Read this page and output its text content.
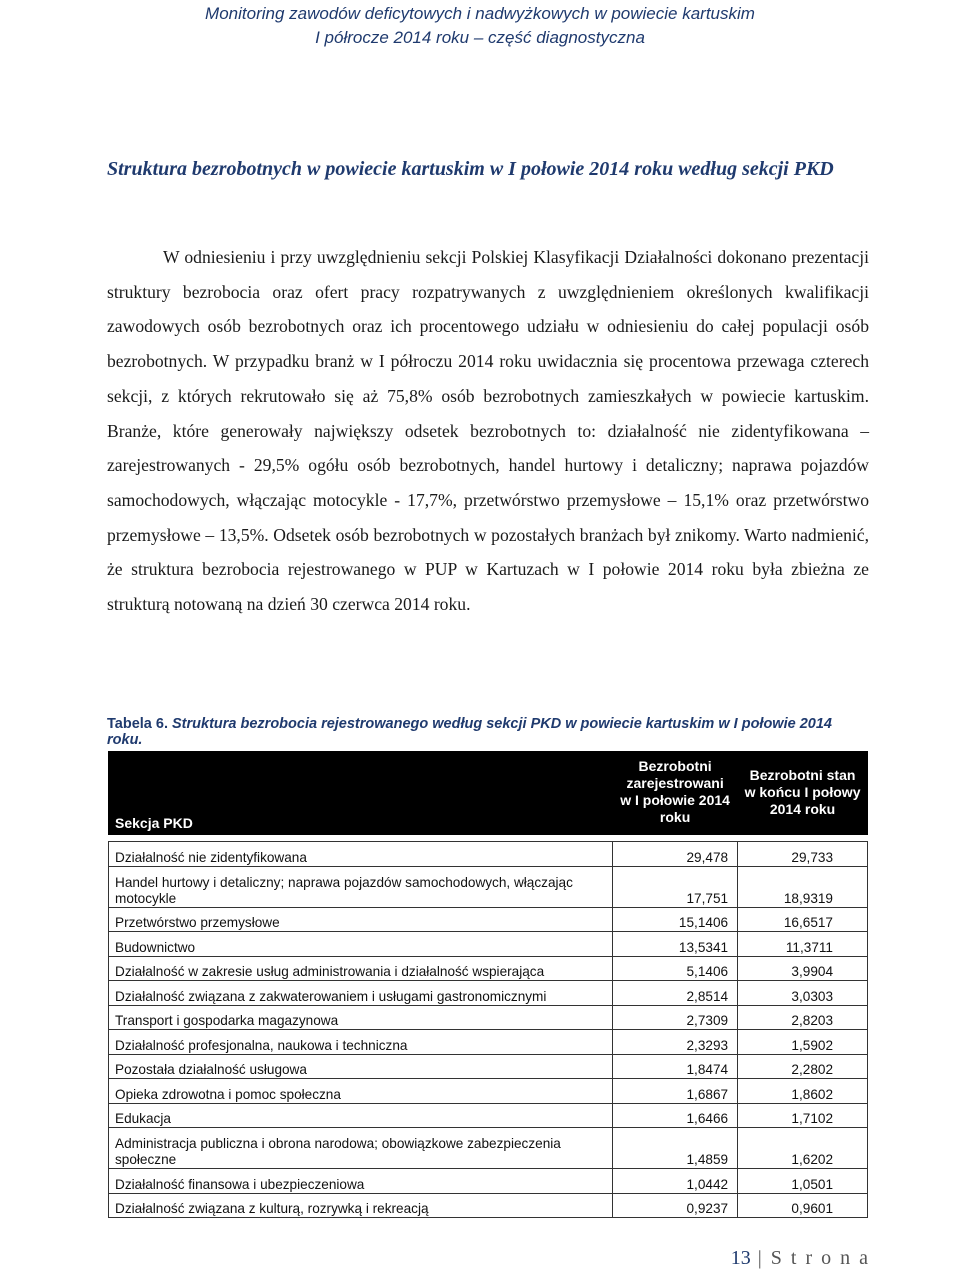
Monitoring zawodów deficytowych i nadwyżkowych w powiecie kartuskim
I półrocze 2014 roku – część diagnostyczna
Struktura bezrobotnych w powiecie kartuskim w I połowie 2014 roku według sekcji PKD

W odniesieniu i przy uwzględnieniu sekcji Polskiej Klasyfikacji Działalności dokonano prezentacji struktury bezrobocia oraz ofert pracy rozpatrywanych z uwzględnieniem określonych kwalifikacji zawodowych osób bezrobotnych oraz ich procentowego udziału w odniesieniu do całej populacji osób bezrobotnych. W przypadku branż w I półroczu 2014 roku uwidacznia się procentowa przewaga czterech sekcji, z których rekrutowało się aż 75,8% osób bezrobotnych zamieszkałych w powiecie kartuskim. Branże, które generowały największy odsetek bezrobotnych to: działalność nie zidentyfikowana – zarejestrowanych - 29,5% ogółu osób bezrobotnych, handel hurtowy i detaliczny; naprawa pojazdów samochodowych, włączając motocykle - 17,7%, przetwórstwo przemysłowe – 15,1% oraz przetwórstwo przemysłowe – 13,5%. Odsetek osób bezrobotnych w pozostałych branżach był znikomy. Warto nadmienić, że struktura bezrobocia rejestrowanego w PUP w Kartuzach w I połowie 2014 roku była zbieżna ze strukturą notowaną na dzień 30 czerwca 2014 roku.

Tabela 6. Struktura bezrobocia rejestrowanego według sekcji PKD w powiecie kartuskim w I połowie 2014 roku.
Sekcja PKD	Bezrobotni zarejestrowani w I połowie 2014 roku	Bezrobotni stan w końcu I połowy 2014 roku

Działalność nie zidentyfikowana	29,478	29,733
Handel hurtowy i detaliczny; naprawa pojazdów samochodowych, włączając motocykle	17,751	18,9319
Przetwórstwo przemysłowe	15,1406	16,6517
Budownictwo	13,5341	11,3711
Działalność w zakresie usług administrowania i działalność wspierająca	5,1406	3,9904
Działalność związana z zakwaterowaniem i usługami gastronomicznymi	2,8514	3,0303
Transport i gospodarka magazynowa	2,7309	2,8203
Działalność profesjonalna, naukowa i techniczna	2,3293	1,5902
Pozostała działalność usługowa	1,8474	2,2802
Opieka zdrowotna i pomoc społeczna	1,6867	1,8602
Edukacja	1,6466	1,7102
Administracja publiczna i obrona narodowa; obowiązkowe zabezpieczenia społeczne	1,4859	1,6202
Działalność finansowa i ubezpieczeniowa	1,0442	1,0501
Działalność związana z kulturą, rozrywką i rekreacją	0,9237	0,9601
13 | S t r o n a
